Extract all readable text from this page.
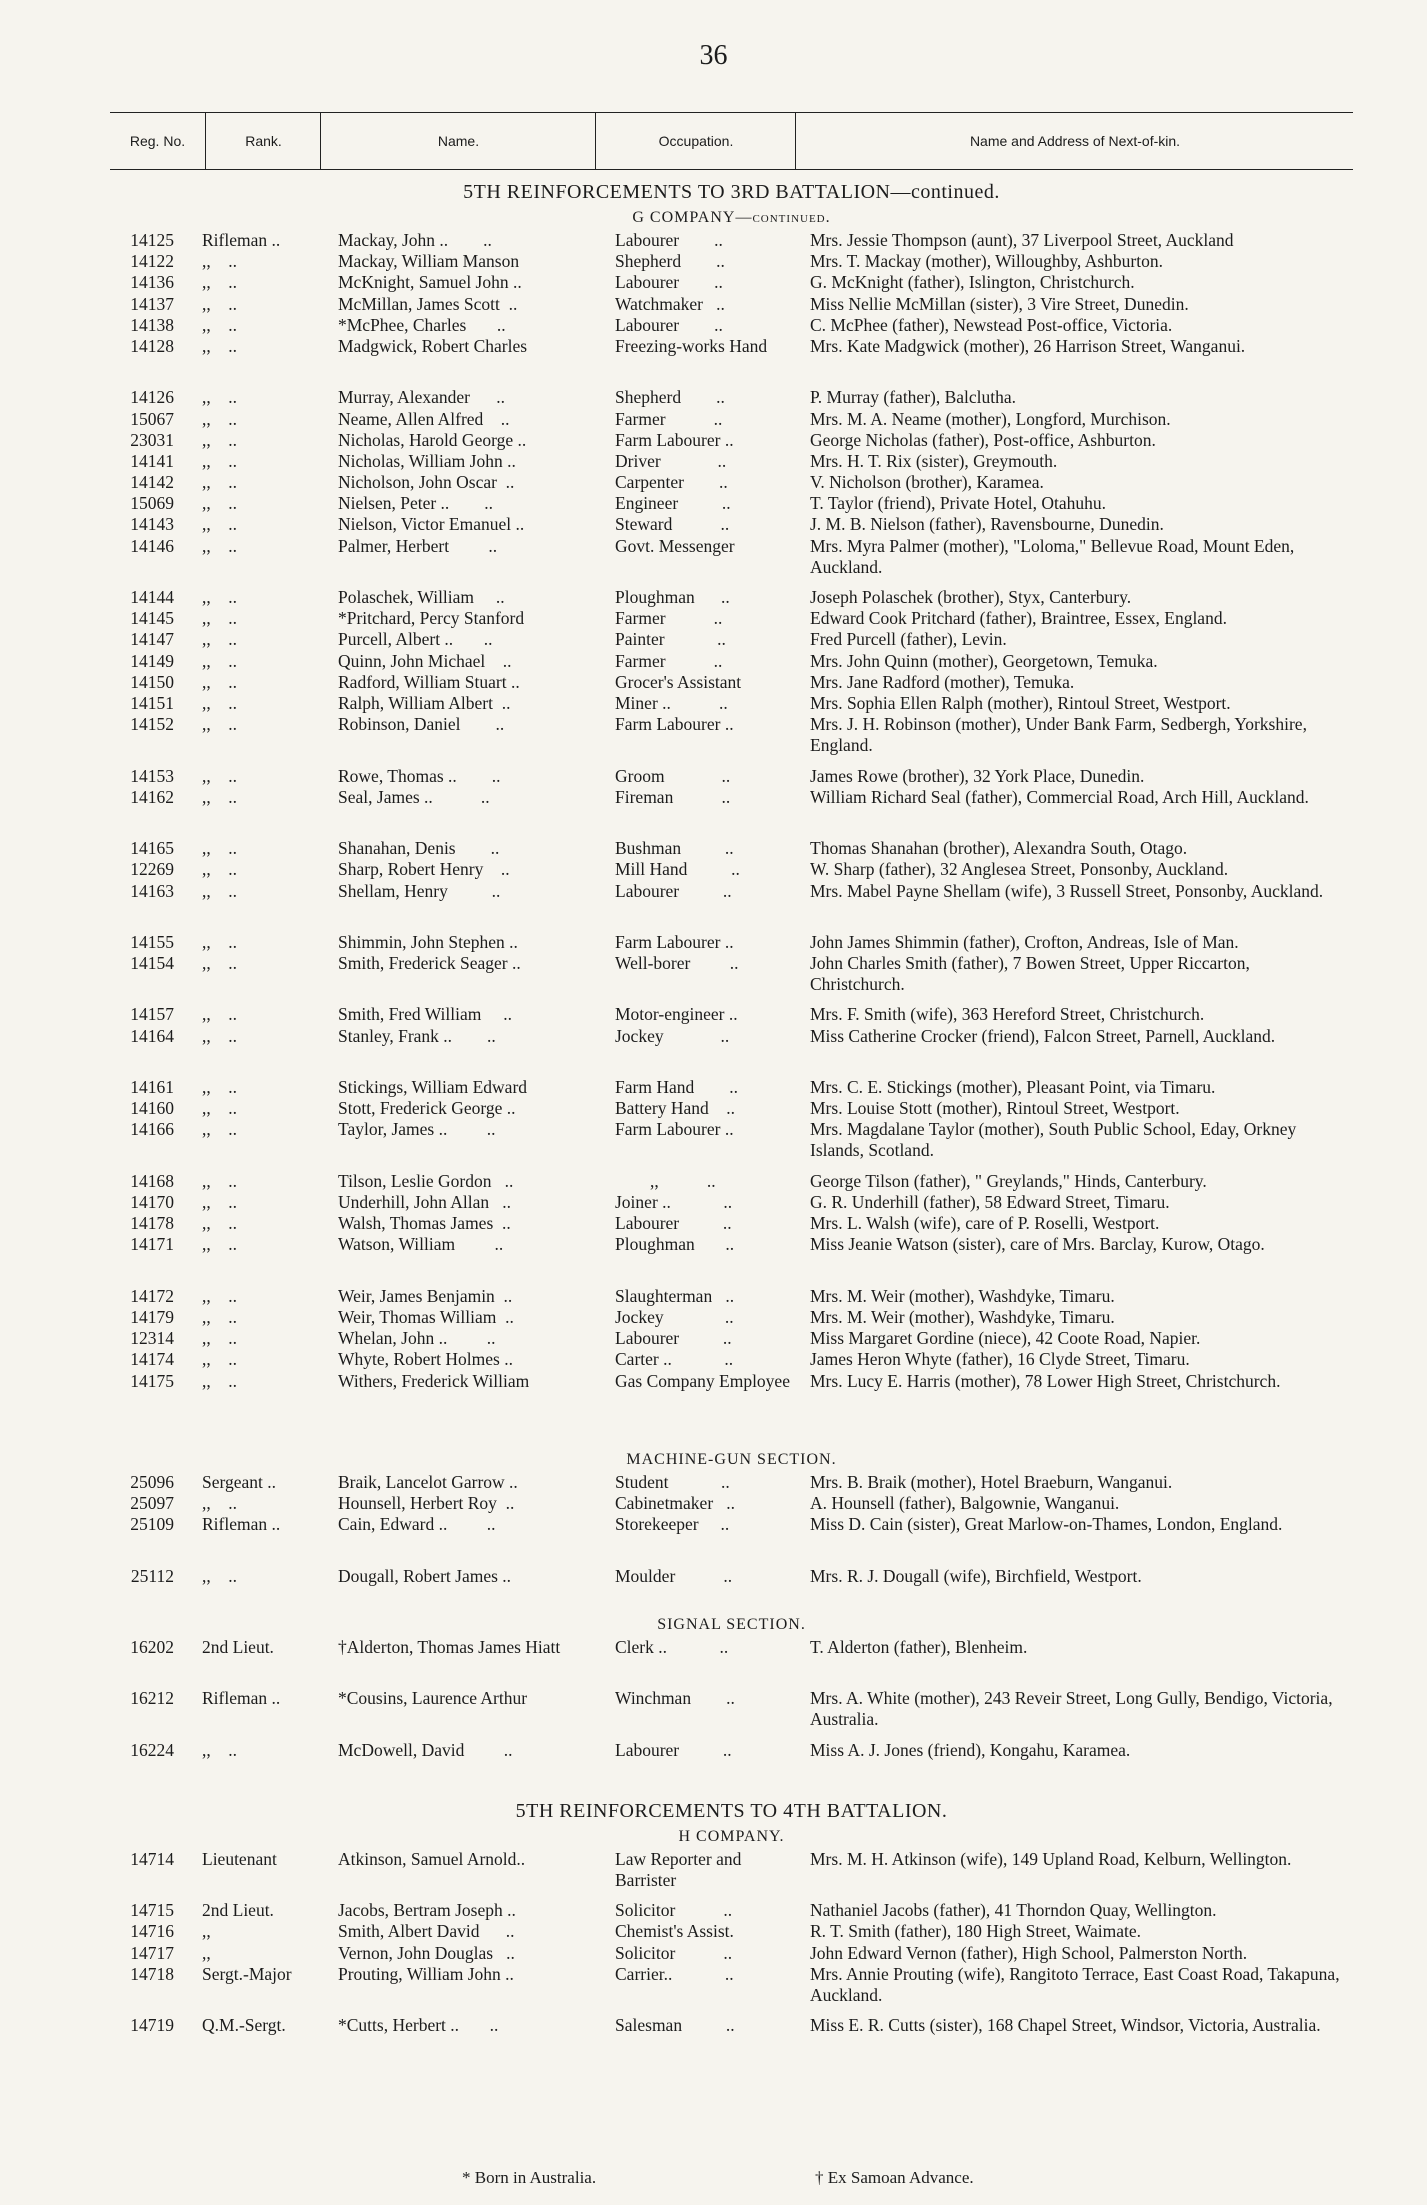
36
Reg. No.	Rank.	Name.	Occupation.	Name and Address of Next-of-kin.
5TH REINFORCEMENTS TO 3RD BATTALION—continued.
G COMPANY—continued.
14125 Rifleman ..	Mackay, John ..        ..	Labourer        ..	Mrs. Jessie Thompson (aunt), 37 Liverpool Street, Auckland
14122 ,,    ..	Mackay, William Manson	Shepherd        ..	Mrs. T. Mackay (mother), Willoughby, Ashburton.
14136 ,,    ..	McKnight, Samuel John ..	Labourer        ..	G. McKnight (father), Islington, Christchurch.
14137 ,,    ..	McMillan, James Scott  ..	Watchmaker   ..	Miss Nellie McMillan (sister), 3 Vire Street, Dunedin.
14138 ,,    ..	*McPhee, Charles       ..	Labourer        ..	C. McPhee (father), Newstead Post-office, Victoria.
14128 ,,    ..	Madgwick, Robert Charles	Freezing-works Hand	Mrs. Kate Madgwick (mother), 26 Harrison Street, Wanganui.
14126 ,,    ..	Murray, Alexander      ..	Shepherd        ..	P. Murray (father), Balclutha.
15067 ,,    ..	Neame, Allen Alfred    ..	Farmer           ..	Mrs. M. A. Neame (mother), Longford, Murchison.
23031 ,,    ..	Nicholas, Harold George ..	Farm Labourer ..	George Nicholas (father), Post-office, Ashburton.
14141 ,,    ..	Nicholas, William John ..	Driver             ..	Mrs. H. T. Rix (sister), Greymouth.
14142 ,,    ..	Nicholson, John Oscar  ..	Carpenter        ..	V. Nicholson (brother), Karamea.
15069 ,,    ..	Nielsen, Peter ..        ..	Engineer          ..	T. Taylor (friend), Private Hotel, Otahuhu.
14143 ,,    ..	Nielson, Victor Emanuel ..	Steward           ..	J. M. B. Nielson (father), Ravensbourne, Dunedin.
14146 ,,    ..	Palmer, Herbert         ..	Govt. Messenger	Mrs. Myra Palmer (mother), "Loloma," Bellevue Road, Mount Eden, Auckland.
14144 ,,    ..	Polaschek, William     ..	Ploughman      ..	Joseph Polaschek (brother), Styx, Canterbury.
14145 ,,    ..	*Pritchard, Percy Stanford	Farmer           ..	Edward Cook Pritchard (father), Braintree, Essex, England.
14147 ,,    ..	Purcell, Albert ..       ..	Painter            ..	Fred Purcell (father), Levin.
14149 ,,    ..	Quinn, John Michael    ..	Farmer           ..	Mrs. John Quinn (mother), Georgetown, Temuka.
14150 ,,    ..	Radford, William Stuart ..	Grocer's Assistant	Mrs. Jane Radford (mother), Temuka.
14151 ,,    ..	Ralph, William Albert  ..	Miner ..           ..	Mrs. Sophia Ellen Ralph (mother), Rintoul Street, Westport.
14152 ,,    ..	Robinson, Daniel        ..	Farm Labourer ..	Mrs. J. H. Robinson (mother), Under Bank Farm, Sedbergh, Yorkshire, England.
14153 ,,    ..	Rowe, Thomas ..        ..	Groom             ..	James Rowe (brother), 32 York Place, Dunedin.
14162 ,,    ..	Seal, James ..           ..	Fireman           ..	William Richard Seal (father), Commercial Road, Arch Hill, Auckland.
14165 ,,    ..	Shanahan, Denis        ..	Bushman          ..	Thomas Shanahan (brother), Alexandra South, Otago.
12269 ,,    ..	Sharp, Robert Henry    ..	Mill Hand          ..	W. Sharp (father), 32 Anglesea Street, Ponsonby, Auckland.
14163 ,,    ..	Shellam, Henry          ..	Labourer          ..	Mrs. Mabel Payne Shellam (wife), 3 Russell Street, Ponsonby, Auckland.
14155 ,,    ..	Shimmin, John Stephen ..	Farm Labourer ..	John James Shimmin (father), Crofton, Andreas, Isle of Man.
14154 ,,    ..	Smith, Frederick Seager ..	Well-borer         ..	John Charles Smith (father), 7 Bowen Street, Upper Riccarton, Christchurch.
14157 ,,    ..	Smith, Fred William     ..	Motor-engineer ..	Mrs. F. Smith (wife), 363 Hereford Street, Christchurch.
14164 ,,    ..	Stanley, Frank ..        ..	Jockey             ..	Miss Catherine Crocker (friend), Falcon Street, Parnell, Auckland.
14161 ,,    ..	Stickings, William Edward	Farm Hand        ..	Mrs. C. E. Stickings (mother), Pleasant Point, via Timaru.
14160 ,,    ..	Stott, Frederick George ..	Battery Hand    ..	Mrs. Louise Stott (mother), Rintoul Street, Westport.
14166 ,,    ..	Taylor, James ..         ..	Farm Labourer ..	Mrs. Magdalane Taylor (mother), South Public School, Eday, Orkney Islands, Scotland.
14168 ,,    ..	Tilson, Leslie Gordon   ..	,,           ..	George Tilson (father), " Greylands," Hinds, Canterbury.
14170 ,,    ..	Underhill, John Allan   ..	Joiner ..            ..	G. R. Underhill (father), 58 Edward Street, Timaru.
14178 ,,    ..	Walsh, Thomas James  ..	Labourer          ..	Mrs. L. Walsh (wife), care of P. Roselli, Westport.
14171 ,,    ..	Watson, William         ..	Ploughman       ..	Miss Jeanie Watson (sister), care of Mrs. Barclay, Kurow, Otago.
14172 ,,    ..	Weir, James Benjamin  ..	Slaughterman   ..	Mrs. M. Weir (mother), Washdyke, Timaru.
14179 ,,    ..	Weir, Thomas William  ..	Jockey              ..	Mrs. M. Weir (mother), Washdyke, Timaru.
12314 ,,    ..	Whelan, John ..         ..	Labourer          ..	Miss Margaret Gordine (niece), 42 Coote Road, Napier.
14174 ,,    ..	Whyte, Robert Holmes ..	Carter ..            ..	James Heron Whyte (father), 16 Clyde Street, Timaru.
14175 ,,    ..	Withers, Frederick William	Gas Company Employee Mrs. Lucy E. Harris (mother), 78 Lower High Street, Christchurch.
MACHINE-GUN SECTION.
25096 Sergeant ..	Braik, Lancelot Garrow ..	Student            ..	Mrs. B. Braik (mother), Hotel Braeburn, Wanganui.
25097 ,,    ..	Hounsell, Herbert Roy  ..	Cabinetmaker   ..	A. Hounsell (father), Balgownie, Wanganui.
25109 Rifleman ..	Cain, Edward ..         ..	Storekeeper     ..	Miss D. Cain (sister), Great Marlow-on-Thames, London, England.
25112 ,,    ..	Dougall, Robert James ..	Moulder           ..	Mrs. R. J. Dougall (wife), Birchfield, Westport.
SIGNAL SECTION.
16202 2nd Lieut.	†Alderton, Thomas James Hiatt	Clerk ..            ..	T. Alderton (father), Blenheim.
16212 Rifleman ..	*Cousins, Laurence Arthur	Winchman        ..	Mrs. A. White (mother), 243 Reveir Street, Long Gully, Bendigo, Victoria, Australia.
16224 ,,    ..	McDowell, David         ..	Labourer          ..	Miss A. J. Jones (friend), Kongahu, Karamea.
5TH REINFORCEMENTS TO 4TH BATTALION.
H COMPANY.
14714 Lieutenant	Atkinson, Samuel Arnold..	Law Reporter and Barrister
Mrs. M. H. Atkinson (wife), 149 Upland Road, Kelburn, Wellington.
14715 2nd Lieut.	Jacobs, Bertram Joseph ..	Solicitor           ..	Nathaniel Jacobs (father), 41 Thorndon Quay, Wellington.
14716 ,,	Smith, Albert David      ..	Chemist's Assist.	R. T. Smith (father), 180 High Street, Waimate.
14717 ,,	Vernon, John Douglas   ..	Solicitor           ..	John Edward Vernon (father), High School, Palmerston North.
14718 Sergt.-Major	Prouting, William John ..	Carrier..            ..	Mrs. Annie Prouting (wife), Rangitoto Terrace, East Coast Road, Takapuna, Auckland.
14719 Q.M.-Sergt.	*Cutts, Herbert ..       ..	Salesman          ..	Miss E. R. Cutts (sister), 168 Chapel Street, Windsor, Victoria, Australia.
* Born in Australia.	† Ex Samoan Advance.
